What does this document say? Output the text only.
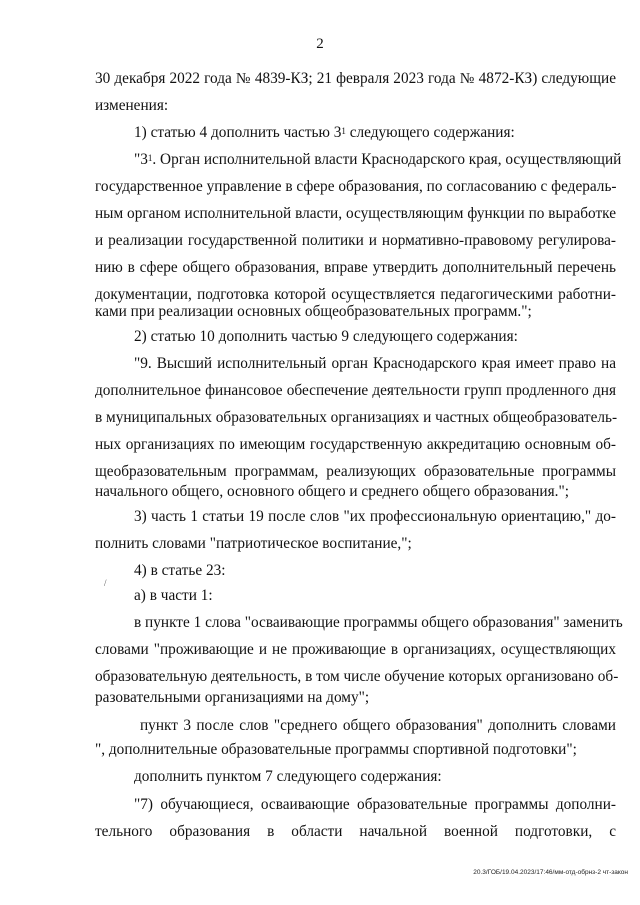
2
30 декабря 2022 года № 4839-КЗ; 21 февраля 2023 года № 4872-КЗ) следующие
изменения:
1) статью 4 дополнить частью $3^1$ следующего содержания:
"$3^1$. Орган исполнительной власти Краснодарского края, осуществляющий
государственное управление в сфере образования, по согласованию с федераль-
ным органом исполнительной власти, осуществляющим функции по выработке
и реализации государственной политики и нормативно-правовому регулирова-
нию в сфере общего образования, вправе утвердить дополнительный перечень
документации, подготовка которой осуществляется педагогическими работни-
ками при реализации основных общеобразовательных программ.";
2) статью 10 дополнить частью 9 следующего содержания:
"9. Высший исполнительный орган Краснодарского края имеет право на
дополнительное финансовое обеспечение деятельности групп продленного дня
в муниципальных образовательных организациях и частных общеобразователь-
ных организациях по имеющим государственную аккредитацию основным об-
щеобразовательным программам, реализующих образовательные программы
начального общего, основного общего и среднего общего образования.";
3) часть 1 статьи 19 после слов "их профессиональную ориентацию," до-
полнить словами "патриотическое воспитание,";
/
4) в статье 23:
а) в части 1:
в пункте 1 слова "осваивающие программы общего образования" заменить
словами "проживающие и не проживающие в организациях, осуществляющих
образовательную деятельность, в том числе обучение которых организовано об-
разовательными организациями на дому";
пункт 3 после слов "среднего общего образования" дополнить словами
", дополнительные образовательные программы спортивной подготовки";
дополнить пунктом 7 следующего содержания:
"7) обучающиеся, осваивающие образовательные программы дополни-
тельного образования в области начальной военной подготовки, с
20.3/ГОБ/19.04.2023/17:46/мм-отд-обрнз-2 чт-закон
